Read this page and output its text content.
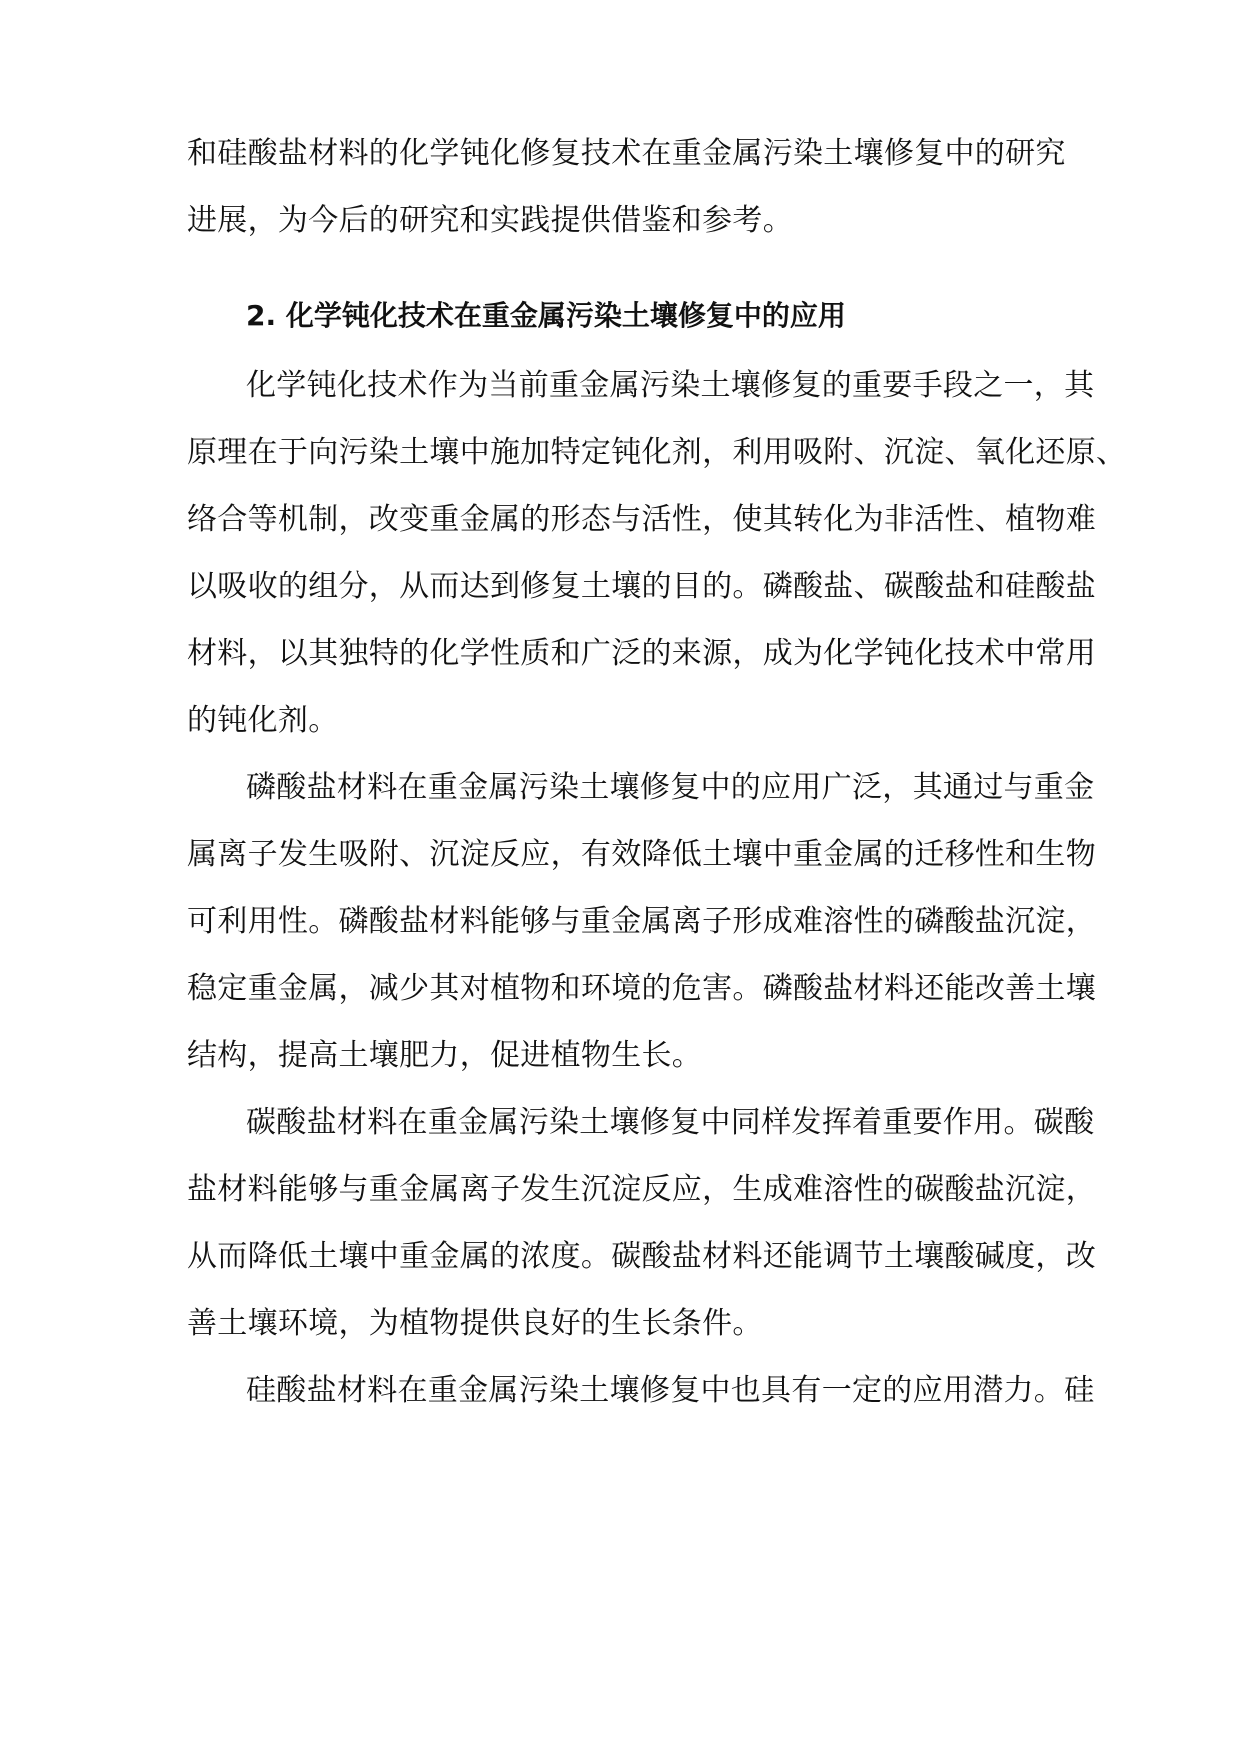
和硅酸盐材料的化学钝化修复技术在重金属污染土壤修复中的研究
进展，为今后的研究和实践提供借鉴和参考。
2. 化学钝化技术在重金属污染土壤修复中的应用
化学钝化技术作为当前重金属污染土壤修复的重要手段之一，其
原理在于向污染土壤中施加特定钝化剂，利用吸附、沉淀、氧化还原、
络合等机制，改变重金属的形态与活性，使其转化为非活性、植物难
以吸收的组分，从而达到修复土壤的目的。磷酸盐、碳酸盐和硅酸盐
材料，以其独特的化学性质和广泛的来源，成为化学钝化技术中常用
的钝化剂。
磷酸盐材料在重金属污染土壤修复中的应用广泛，其通过与重金
属离子发生吸附、沉淀反应，有效降低土壤中重金属的迁移性和生物
可利用性。磷酸盐材料能够与重金属离子形成难溶性的磷酸盐沉淀，
稳定重金属，减少其对植物和环境的危害。磷酸盐材料还能改善土壤
结构，提高土壤肥力，促进植物生长。
碳酸盐材料在重金属污染土壤修复中同样发挥着重要作用。碳酸
盐材料能够与重金属离子发生沉淀反应，生成难溶性的碳酸盐沉淀，
从而降低土壤中重金属的浓度。碳酸盐材料还能调节土壤酸碱度，改
善土壤环境，为植物提供良好的生长条件。
硅酸盐材料在重金属污染土壤修复中也具有一定的应用潜力。硅
